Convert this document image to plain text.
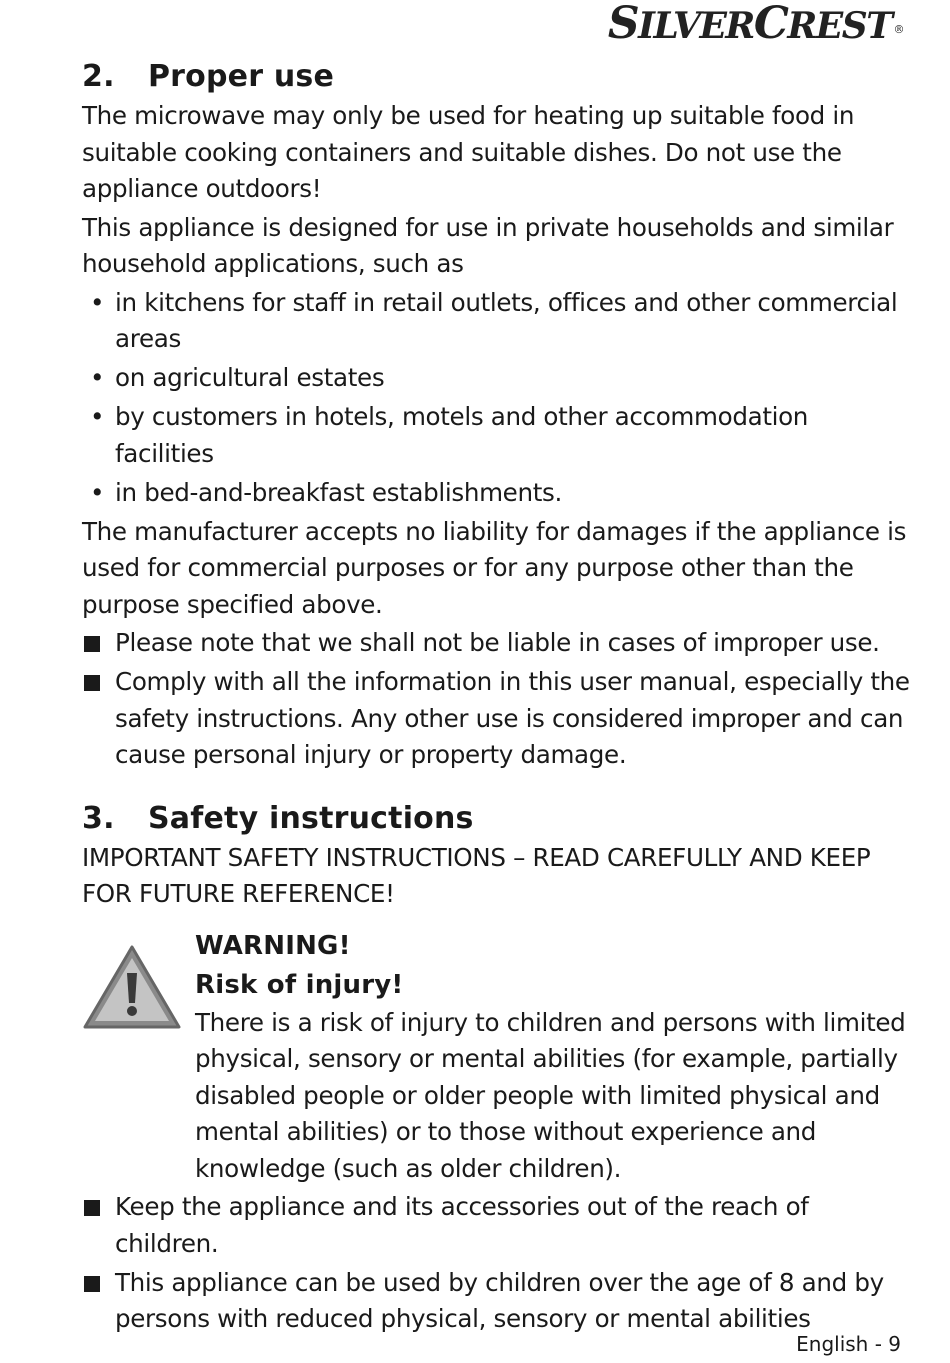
SILVERCREST ®
2. Proper use

The microwave may only be used for heating up suitable food in suitable cooking containers and suitable dishes. Do not use the appliance outdoors!

This appliance is designed for use in private households and similar household applications, such as

• in kitchens for staff in retail outlets, offices and other commercial areas
• on agricultural estates
• by customers in hotels, motels and other accommodation facilities
• in bed-and-breakfast establishments.

The manufacturer accepts no liability for damages if the appliance is used for commercial purposes or for any purpose other than the purpose specified above.

Please note that we shall not be liable in cases of improper use.
Comply with all the information in this user manual, especially the safety instructions. Any other use is considered improper and can cause personal injury or property damage.
3. Safety instructions

IMPORTANT SAFETY INSTRUCTIONS – READ CAREFULLY AND KEEP FOR FUTURE REFERENCE!

WARNING!
Risk of injury!

There is a risk of injury to children and persons with limited physical, sensory or mental abilities (for example, partially disabled people or older people with limited physical and mental abilities) or to those without experience and knowledge (such as older children).

Keep the appliance and its accessories out of the reach of children.
This appliance can be used by children over the age of 8 and by persons with reduced physical, sensory or mental abilities
English - 9
